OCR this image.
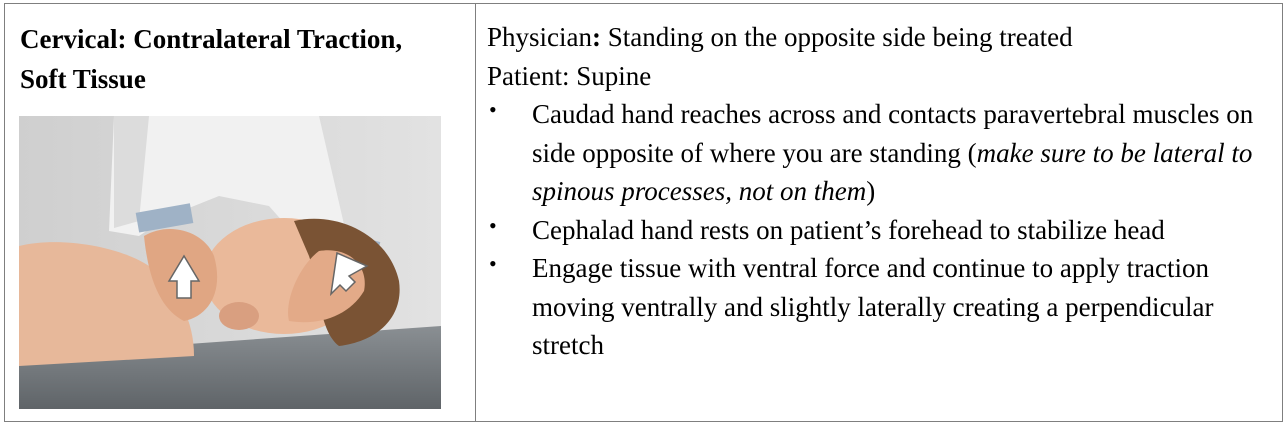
Cervical: Contralateral Traction,
Soft Tissue
Physician: Standing on the opposite side being treated
Patient: Supine
• Caudad hand reaches across and contacts paravertebral muscles on side opposite of where you are standing (make sure to be lateral to spinous processes, not on them)
• Cephalad hand rests on patient’s forehead to stabilize head
• Engage tissue with ventral force and continue to apply traction moving ventrally and slightly laterally creating a perpendicular stretch
